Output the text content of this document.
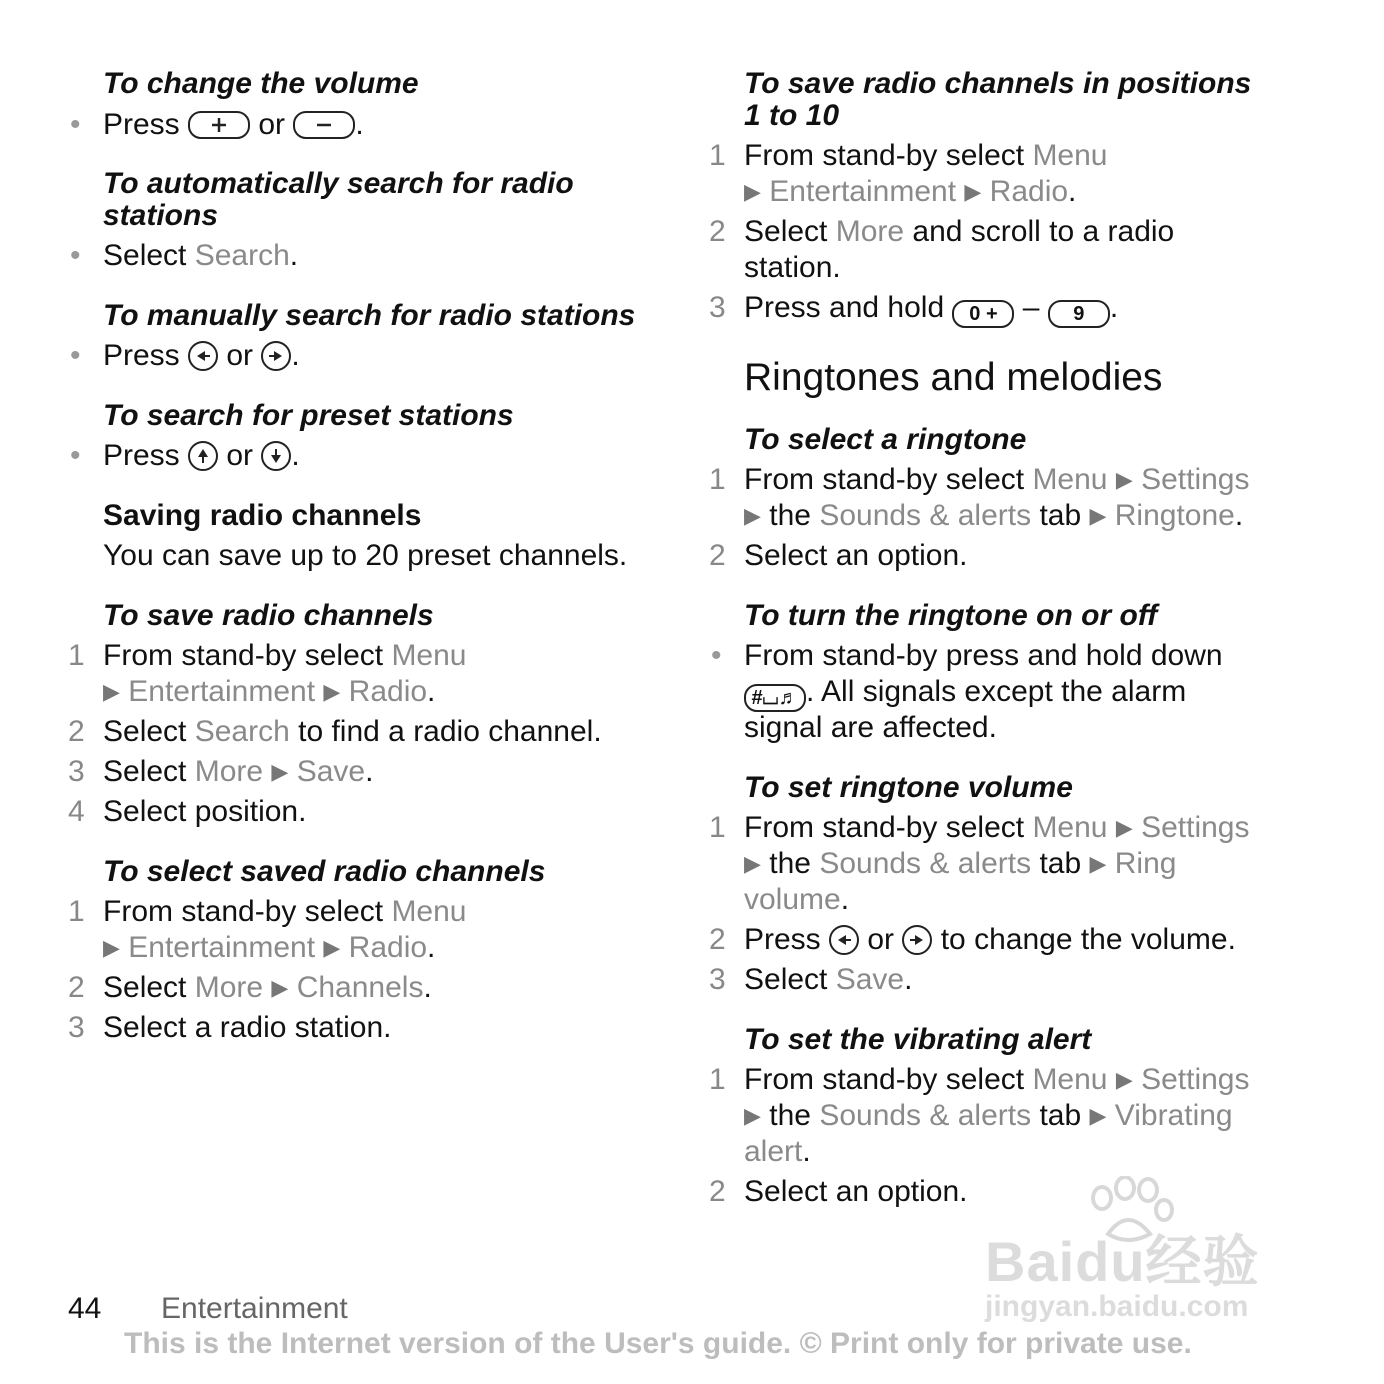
To change the volume
• Press	or .
To automatically search for radio
stations
• Select Search.
To manually search for radio stations
• Press or .
To search for preset stations
• Press or .
Saving radio channels
You can save up to 20 preset channels.
To save radio channels
1 From stand-by select Menu
▶ Entertainment ▶ Radio.
2 Select Search to find a radio channel.
3 Select More ▶ Save.
4 Select position.
To select saved radio channels
1 From stand-by select Menu
▶ Entertainment ▶ Radio.
2 Select More ▶ Channels.
3 Select a radio station.
To save radio channels in positions
1 to 10
1 From stand-by select Menu
▶ Entertainment ▶ Radio.
2 Select More and scroll to a radio
station.
3 Press and hold 0 + – 9 .
Ringtones and melodies
To select a ringtone
1 From stand-by select Menu ▶ Settings
▶ the Sounds & alerts tab ▶ Ringtone.
2 Select an option.
To turn the ringtone on or off
• From stand-by press and hold down
#⌴♬ . All signals except the alarm
signal are affected.
To set ringtone volume
1 From stand-by select Menu ▶ Settings
▶ the Sounds & alerts tab ▶ Ring
volume.
2 Press
or
to change the volume.
3 Select Save.
To set the vibrating alert
1 From stand-by select Menu ▶ Settings
▶ the Sounds & alerts tab ▶ Vibrating
alert.
2 Select an option.
Baidu经验
jingyan.baidu.com
44 Entertainment
This is the Internet version of the User's guide. © Print only for private use.
